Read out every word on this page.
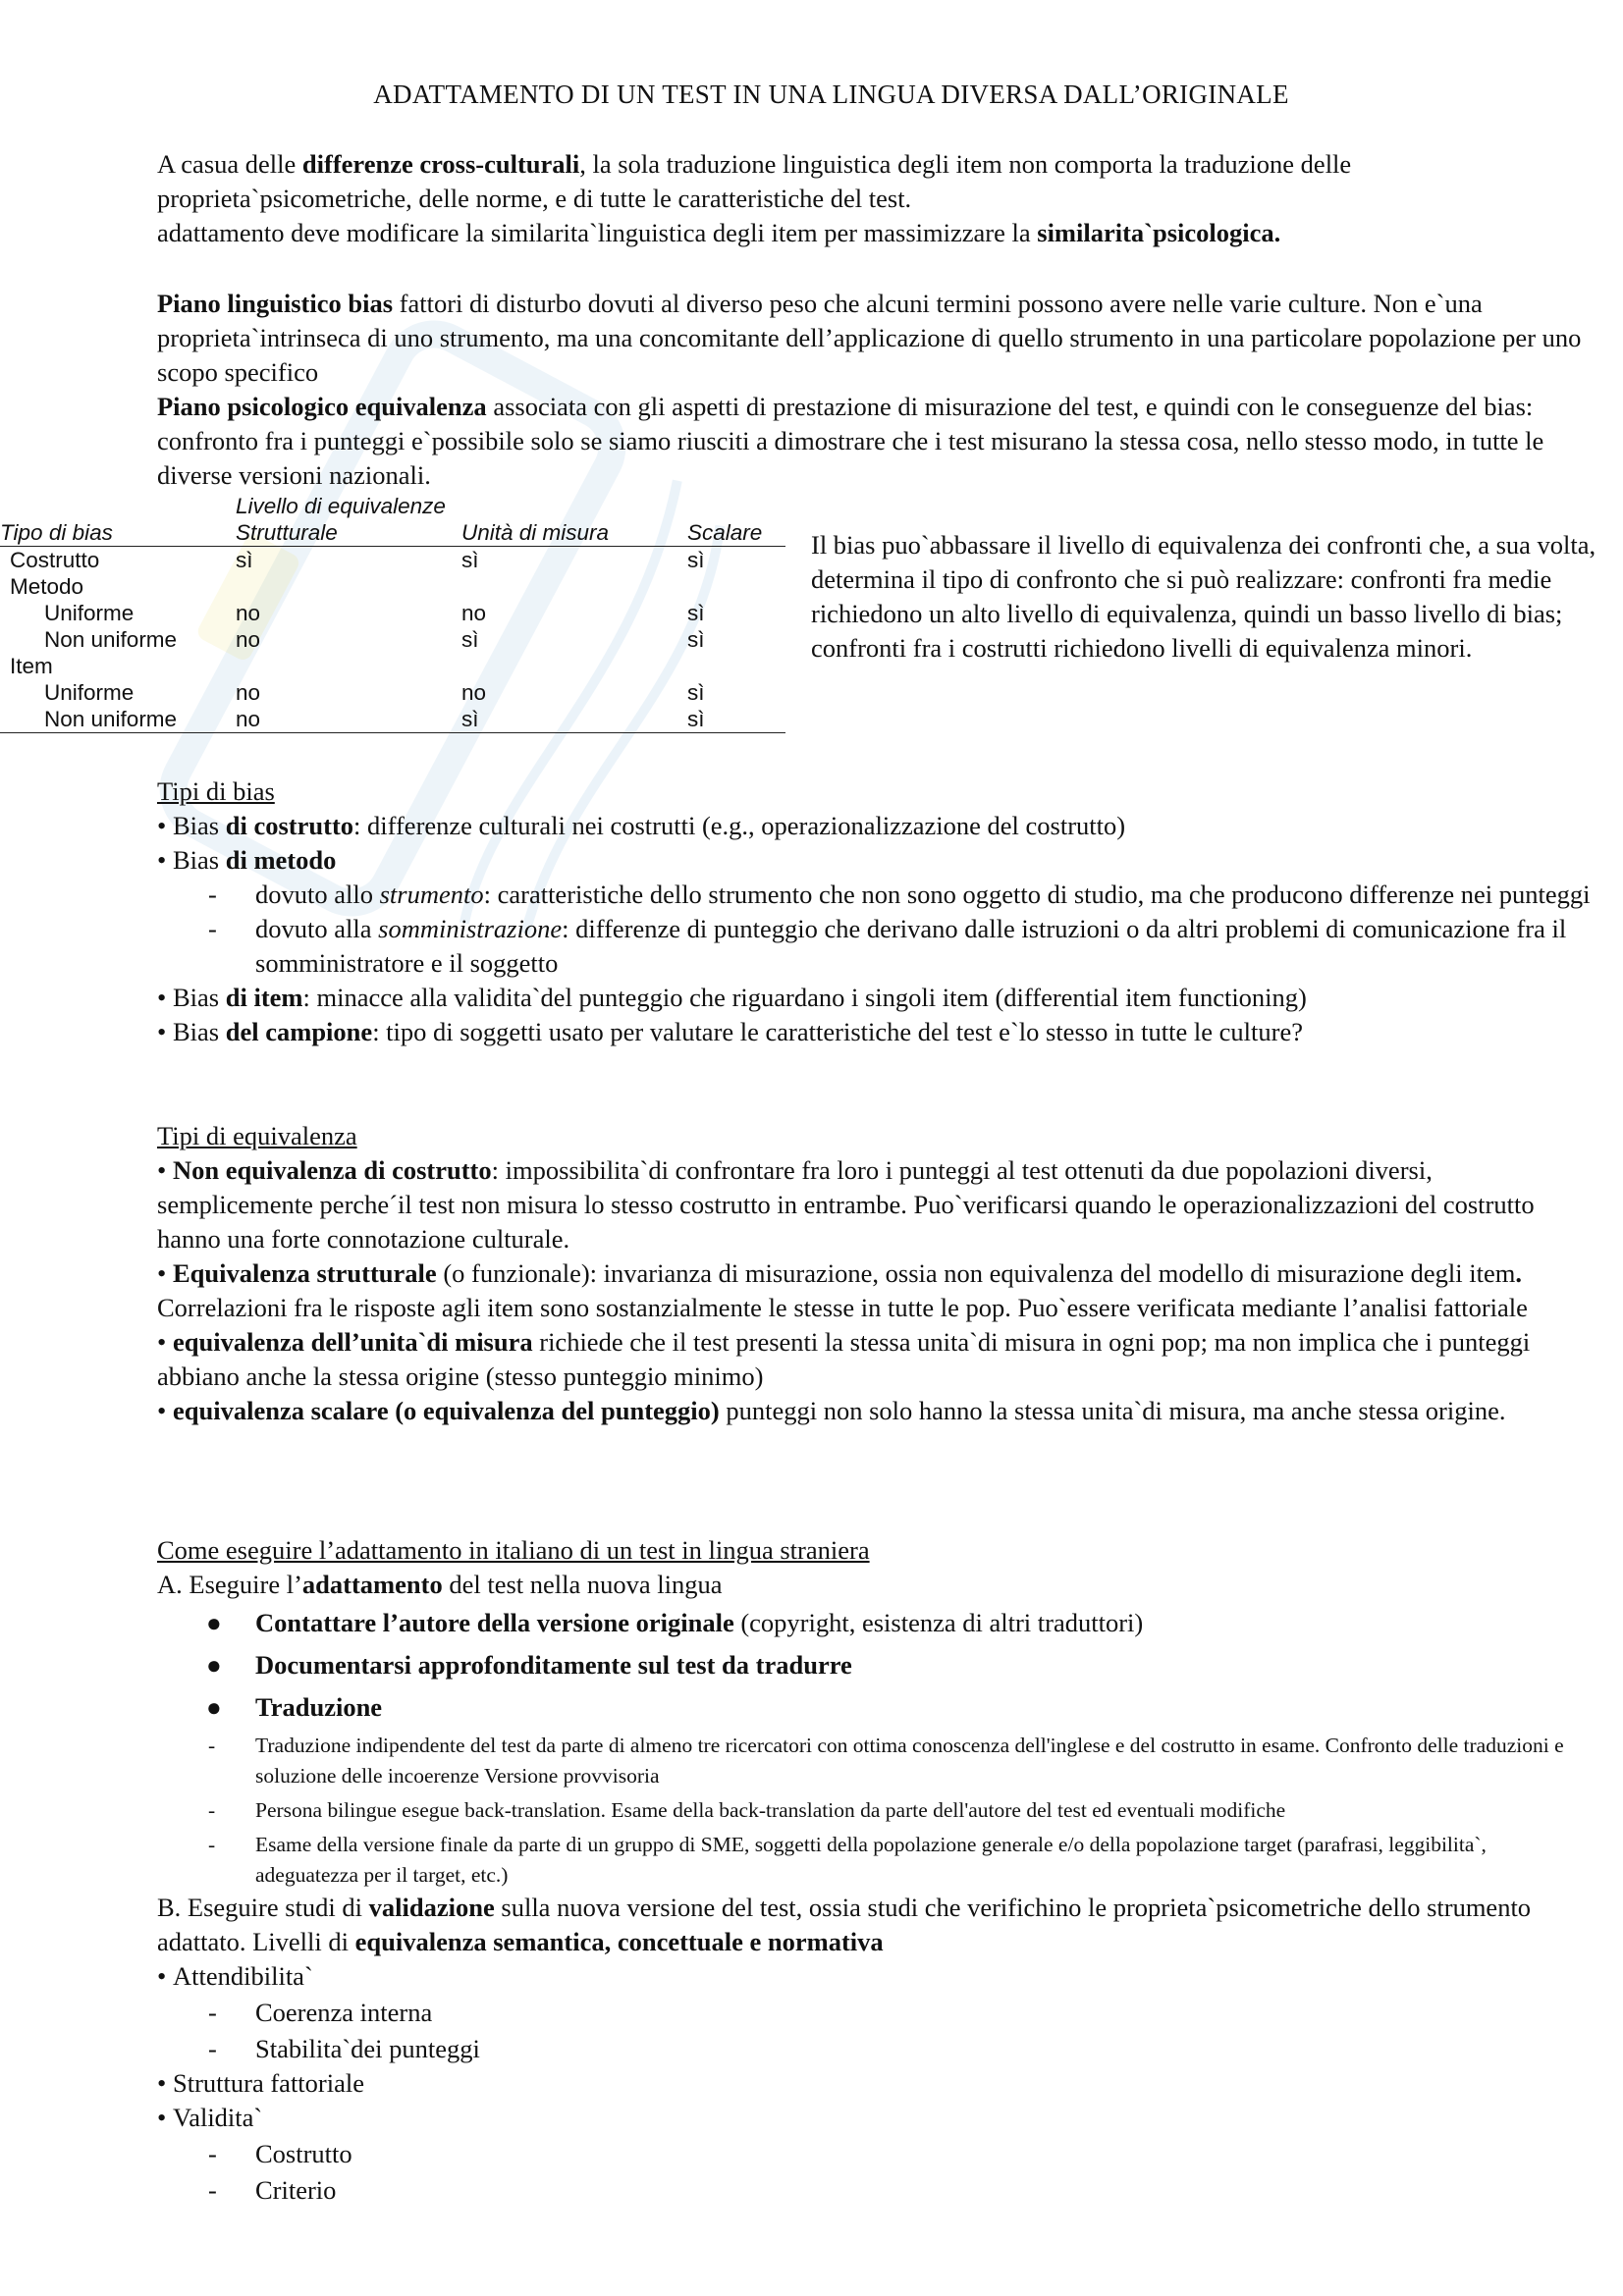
ADATTAMENTO DI UN TEST IN UNA LINGUA DIVERSA DALL’ORIGINALE

A casua delle differenze cross-culturali, la sola traduzione linguistica degli item non comporta la traduzione delle proprieta`psicometriche, delle norme, e di tutte le caratteristiche del test.

adattamento deve modificare la similarita`linguistica degli item per massimizzare la similarita`psicologica.

Piano linguistico bias fattori di disturbo dovuti al diverso peso che alcuni termini possono avere nelle varie culture. Non e`una proprieta`intrinseca di uno strumento, ma una concomitante dell’applicazione di quello strumento in una particolare popolazione per uno scopo specifico

Piano psicologico equivalenza associata con gli aspetti di prestazione di misurazione del test, e quindi con le conseguenze del bias: confronto fra i punteggi e`possibile solo se siamo riusciti a dimostrare che i test misurano la stessa cosa, nello stesso modo, in tutte le diverse versioni nazionali.

	Livello di equivalenze		
Tipo di bias	Strutturale	Unità di misura	Scalare
Costrutto	sì	sì	sì
Metodo			
Uniforme	no	no	sì
Non uniforme	no	sì	sì
Item			
Uniforme	no	no	sì
Non uniforme	no	sì	sì
Il bias puo`abbassare il livello di equivalenza dei confronti che, a sua volta, determina il tipo di confronto che si può realizzare: confronti fra medie richiedono un alto livello di equivalenza, quindi un basso livello di bias; confronti fra i costrutti richiedono livelli di equivalenza minori.

Tipi di bias

• Bias di costrutto: differenze culturali nei costrutti (e.g., operazionalizzazione del costrutto)

• Bias di metodo

- dovuto allo strumento: caratteristiche dello strumento che non sono oggetto di studio, ma che producono differenze nei punteggi

- dovuto alla somministrazione: differenze di punteggio che derivano dalle istruzioni o da altri problemi di comunicazione fra il somministratore e il soggetto

• Bias di item: minacce alla validita`del punteggio che riguardano i singoli item (differential item functioning)

• Bias del campione: tipo di soggetti usato per valutare le caratteristiche del test e`lo stesso in tutte le culture?

Tipi di equivalenza

• Non equivalenza di costrutto: impossibilita`di confrontare fra loro i punteggi al test ottenuti da due popolazioni diversi, semplicemente perche´il test non misura lo stesso costrutto in entrambe. Puo`verificarsi quando le operazionalizzazioni del costrutto hanno una forte connotazione culturale.

• Equivalenza strutturale (o funzionale): invarianza di misurazione, ossia non equivalenza del modello di misurazione degli item. Correlazioni fra le risposte agli item sono sostanzialmente le stesse in tutte le pop. Puo`essere verificata mediante l’analisi fattoriale

• equivalenza dell’unita`di misura richiede che il test presenti la stessa unita`di misura in ogni pop; ma non implica che i punteggi abbiano anche la stessa origine (stesso punteggio minimo)

• equivalenza scalare (o equivalenza del punteggio) punteggi non solo hanno la stessa unita`di misura, ma anche stessa origine.

Come eseguire l’adattamento in italiano di un test in lingua straniera

A. Eseguire l’adattamento del test nella nuova lingua

● Contattare l’autore della versione originale (copyright, esistenza di altri traduttori)

● Documentarsi approfonditamente sul test da tradurre

● Traduzione

- Traduzione indipendente del test da parte di almeno tre ricercatori con ottima conoscenza dell'inglese e del costrutto in esame. Confronto delle traduzioni e soluzione delle incoerenze Versione provvisoria

- Persona bilingue esegue back-translation. Esame della back-translation da parte dell'autore del test ed eventuali modifiche

- Esame della versione finale da parte di un gruppo di SME, soggetti della popolazione generale e/o della popolazione target (parafrasi, leggibilita`, adeguatezza per il target, etc.)

B. Eseguire studi di validazione sulla nuova versione del test, ossia studi che verifichino le proprieta`psicometriche dello strumento adattato. Livelli di equivalenza semantica, concettuale e normativa

• Attendibilita`

- Coerenza interna

- Stabilita`dei punteggi

• Struttura fattoriale

• Validita`

- Costrutto

- Criterio
